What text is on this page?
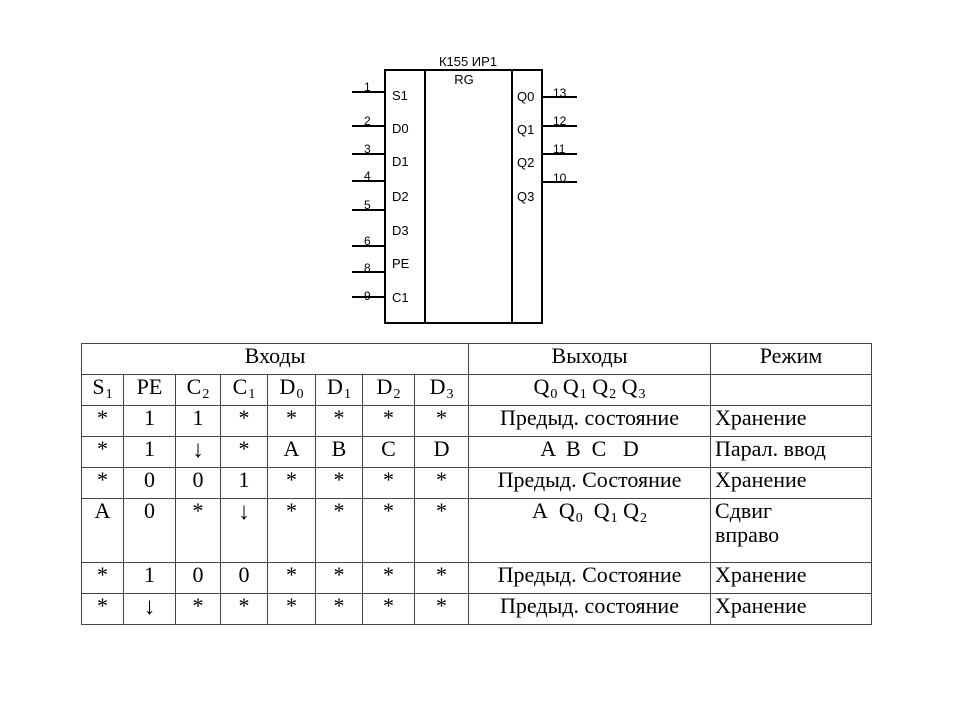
К155 ИР1
RG
1
2
3
4
5
6
8
9
S1
D0
D1
D2
D3
PE
C1
13
12
11
10
Q0
Q1
Q2
Q3
Входы								Выходы	Режим
$S_1$	PE	$C_2$	$C_1$	$D_0$	$D_1$	$D_2$	$D_3$	$Q_0$ $Q_1$ $Q_2$ $Q_3$	
*	1	1	*	*	*	*	*	Предыд. состояние	Хранение
*	1	↓	*	A	B	C	D	A  B  C   D	Парал. ввод
*	0	0	1	*	*	*	*	Предыд. Состояние	Хранение
A	0	*	↓	*	*	*	*	A $Q_0$ $Q_1$ $Q_2$	Сдвиг
вправо

*	1	0	0	*	*	*	*	Предыд. Состояние	Хранение
*	↓	*	*	*	*	*	*	Предыд. состояние	Хранение
